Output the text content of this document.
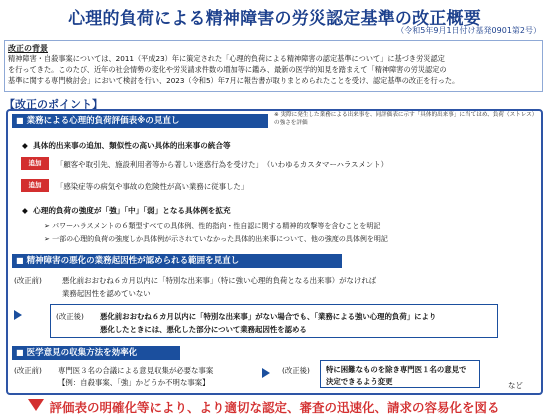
心理的負荷による精神障害の労災認定基準の改正概要
（令和5年9月1日付け基発0901第2号）
改正の背景
精神障害・自殺事案については、2011（平成23）年に策定された「心理的負荷による精神障害の認定基準について」に基づき労災認定
を行ってきた。このたび、近年の社会情勢の変化や労災請求件数の増加等に鑑み、最新の医学的知見を踏まえて「精神障害の労災認定の
基準に関する専門検討会」において検討を行い、2023（令和5）年7月に報告書が取りまとめられたことを受け、認定基準の改正を行った。
【改正のポイント】
■ 業務による心理的負荷評価表※の見直し
※ 実際に発生した業務による出来事を、同評価表に示す「具体的出来事」に当てはめ、負荷（ストレス）の強さを評価
◆ 具体的出来事の追加、類似性の高い具体的出来事の統合等
追加	「顧客や取引先、施設利用者等から著しい迷惑行為を受けた」　（いわゆるカスタマーハラスメント）
追加	「感染症等の病気や事故の危険性が高い業務に従事した」
◆ 心理的負荷の強度が「強」「中」「弱」となる具体例を拡充
➢ パワーハラスメントの６類型すべての具体例、性的指向・性自認に関する精神的攻撃等を含むことを明記
➢ 一部の心理的負荷の強度しか具体例が示されていなかった具体的出来事について、他の強度の具体例を明記
■ 精神障害の悪化の業務起因性が認められる範囲を見直し
(改正前)	悪化前おおむね６カ月以内に「特別な出来事」（特に強い心理的負荷となる出来事）がなければ
業務起因性を認めていない
(改正後) 悪化前おおむね６カ月以内に「特別な出来事」がない場合でも、「業務による強い心理的負荷」により
悪化したときには、悪化した部分について業務起因性を認める
■ 医学意見の収集方法を効率化
(改正前) 専門医３名の合議による意見収集が必要な事案
【例：自殺事案、「強」かどうか不明な事案】
(改正後) 特に困難なものを除き専門医１名の意見で
決定できるよう変更	など
評価表の明確化等により、より適切な認定、審査の迅速化、請求の容易化を図る
